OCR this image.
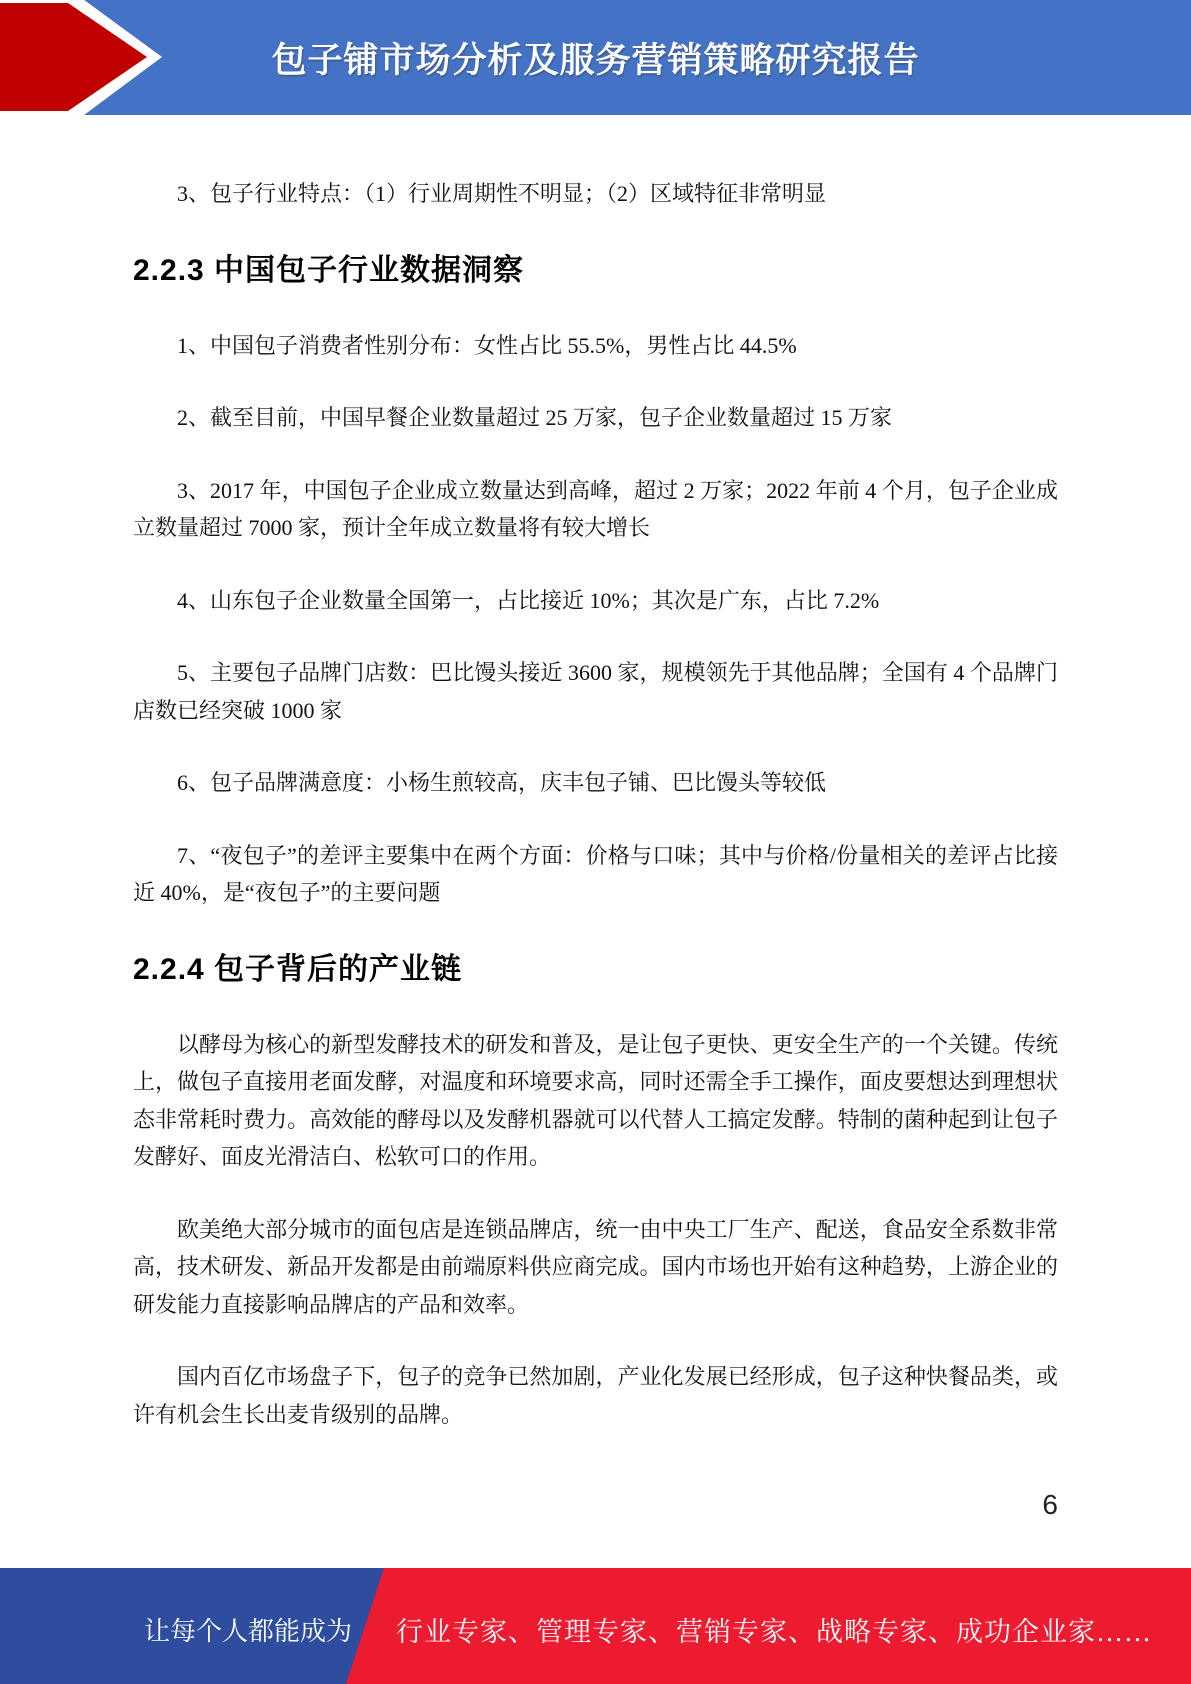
包子铺市场分析及服务营销策略研究报告

3、包子行业特点：（1）行业周期性不明显；（2）区域特征非常明显

2.2.3 中国包子行业数据洞察

1、中国包子消费者性别分布：女性占比 55.5%，男性占比 44.5%

2、截至目前，中国早餐企业数量超过 25 万家，包子企业数量超过 15 万家

3、2017 年，中国包子企业成立数量达到高峰，超过 2 万家；2022 年前 4 个月，包子企业成立数量超过 7000 家，预计全年成立数量将有较大增长

4、山东包子企业数量全国第一，占比接近 10%；其次是广东，占比 7.2%

5、主要包子品牌门店数：巴比馒头接近 3600 家，规模领先于其他品牌；全国有 4 个品牌门店数已经突破 1000 家

6、包子品牌满意度：小杨生煎较高，庆丰包子铺、巴比馒头等较低

7、“夜包子”的差评主要集中在两个方面：价格与口味；其中与价格/份量相关的差评占比接近 40%，是“夜包子”的主要问题

2.2.4 包子背后的产业链

以酵母为核心的新型发酵技术的研发和普及，是让包子更快、更安全生产的一个关键。传统上，做包子直接用老面发酵，对温度和环境要求高，同时还需全手工操作，面皮要想达到理想状态非常耗时费力。高效能的酵母以及发酵机器就可以代替人工搞定发酵。特制的菌种起到让包子发酵好、面皮光滑洁白、松软可口的作用。

欧美绝大部分城市的面包店是连锁品牌店，统一由中央工厂生产、配送，食品安全系数非常高，技术研发、新品开发都是由前端原料供应商完成。国内市场也开始有这种趋势，上游企业的研发能力直接影响品牌店的产品和效率。

国内百亿市场盘子下，包子的竞争已然加剧，产业化发展已经形成，包子这种快餐品类，或许有机会生长出麦肯级别的品牌。

6
让每个人都能成为 行业专家、管理专家、营销专家、战略专家、成功企业家……
